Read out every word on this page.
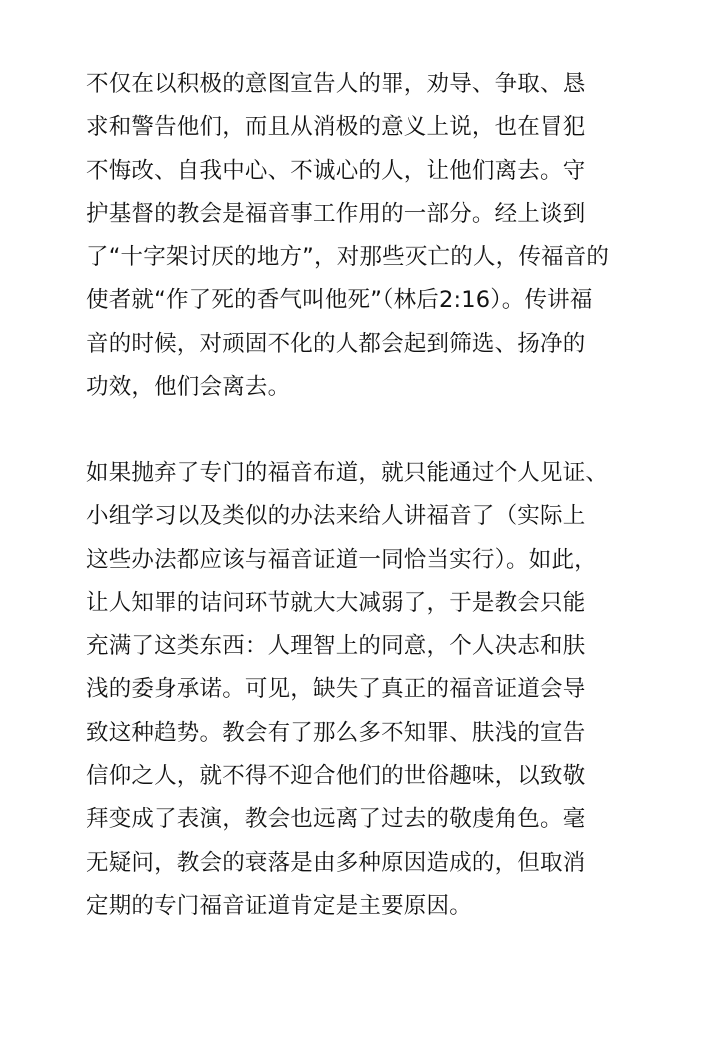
不仅在以积极的意图宣告人的罪，劝导、争取、恳
求和警告他们，而且从消极的意义上说，也在冒犯
不悔改、自我中心、不诚心的人，让他们离去。守
护基督的教会是福音事工作用的一部分。经上谈到
了“十字架讨厌的地方”，对那些灭亡的人，传福音的
使者就“作了死的香气叫他死”（林后2:16）。传讲福
音的时候，对顽固不化的人都会起到筛选、扬净的
功效，他们会离去。
如果抛弃了专门的福音布道，就只能通过个人见证、
小组学习以及类似的办法来给人讲福音了（实际上
这些办法都应该与福音证道一同恰当实行）。如此，
让人知罪的诘问环节就大大减弱了，于是教会只能
充满了这类东西：人理智上的同意，个人决志和肤
浅的委身承诺。可见，缺失了真正的福音证道会导
致这种趋势。教会有了那么多不知罪、肤浅的宣告
信仰之人，就不得不迎合他们的世俗趣味，以致敬
拜变成了表演，教会也远离了过去的敬虔角色。毫
无疑问，教会的衰落是由多种原因造成的，但取消
定期的专门福音证道肯定是主要原因。
